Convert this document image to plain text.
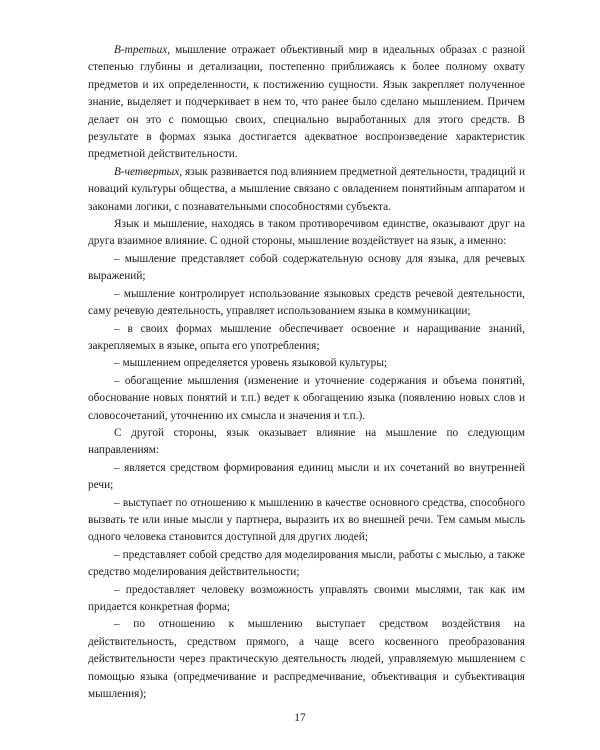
В-третьих, мышление отражает объективный мир в идеальных образах с разной степенью глубины и детализации, постепенно приближаясь к более полному охвату предметов и их определенности, к постижению сущности. Язык закрепляет полученное знание, выделяет и подчеркивает в нем то, что ранее было сделано мышлением. Причем делает он это с помощью своих, специально выработанных для этого средств. В результате в формах языка достигается адекватное воспроизведение характеристик предметной действительности.

В-четвертых, язык развивается под влиянием предметной деятельности, традиций и новаций культуры общества, а мышление связано с овладением понятийным аппаратом и законами логики, с познавательными способностями субъекта.

Язык и мышление, находясь в таком противоречивом единстве, оказывают друг на друга взаимное влияние. С одной стороны, мышление воздействует на язык, а именно:

– мышление представляет собой содержательную основу для языка, для речевых выражений;

– мышление контролирует использование языковых средств речевой деятельности, саму речевую деятельность, управляет использованием языка в коммуникации;

– в своих формах мышление обеспечивает освоение и наращивание знаний, закрепляемых в языке, опыта его употребления;

– мышлением определяется уровень языковой культуры;

– обогащение мышления (изменение и уточнение содержания и объема понятий, обоснование новых понятий и т.п.) ведет к обогащению языка (появлению новых слов и словосочетаний, уточнению их смысла и значения и т.п.).

С другой стороны, язык оказывает влияние на мышление по следующим направлениям:

– является средством формирования единиц мысли и их сочетаний во внутренней речи;

– выступает по отношению к мышлению в качестве основного средства, способного вызвать те или иные мысли у партнера, выразить их во внешней речи. Тем самым мысль одного человека становится доступной для других людей;

– представляет собой средство для моделирования мысли, работы с мыслью, а также средство моделирования действительности;

– предоставляет человеку возможность управлять своими мыслями, так как им придается конкретная форма;

– по отношению к мышлению выступает средством воздействия на действительность, средством прямого, а чаще всего косвенного преобразования действительности через практическую деятельность людей, управляемую мышлением с помощью языка (опредмечивание и распредмечивание, объективация и субъективация мышления);

17
